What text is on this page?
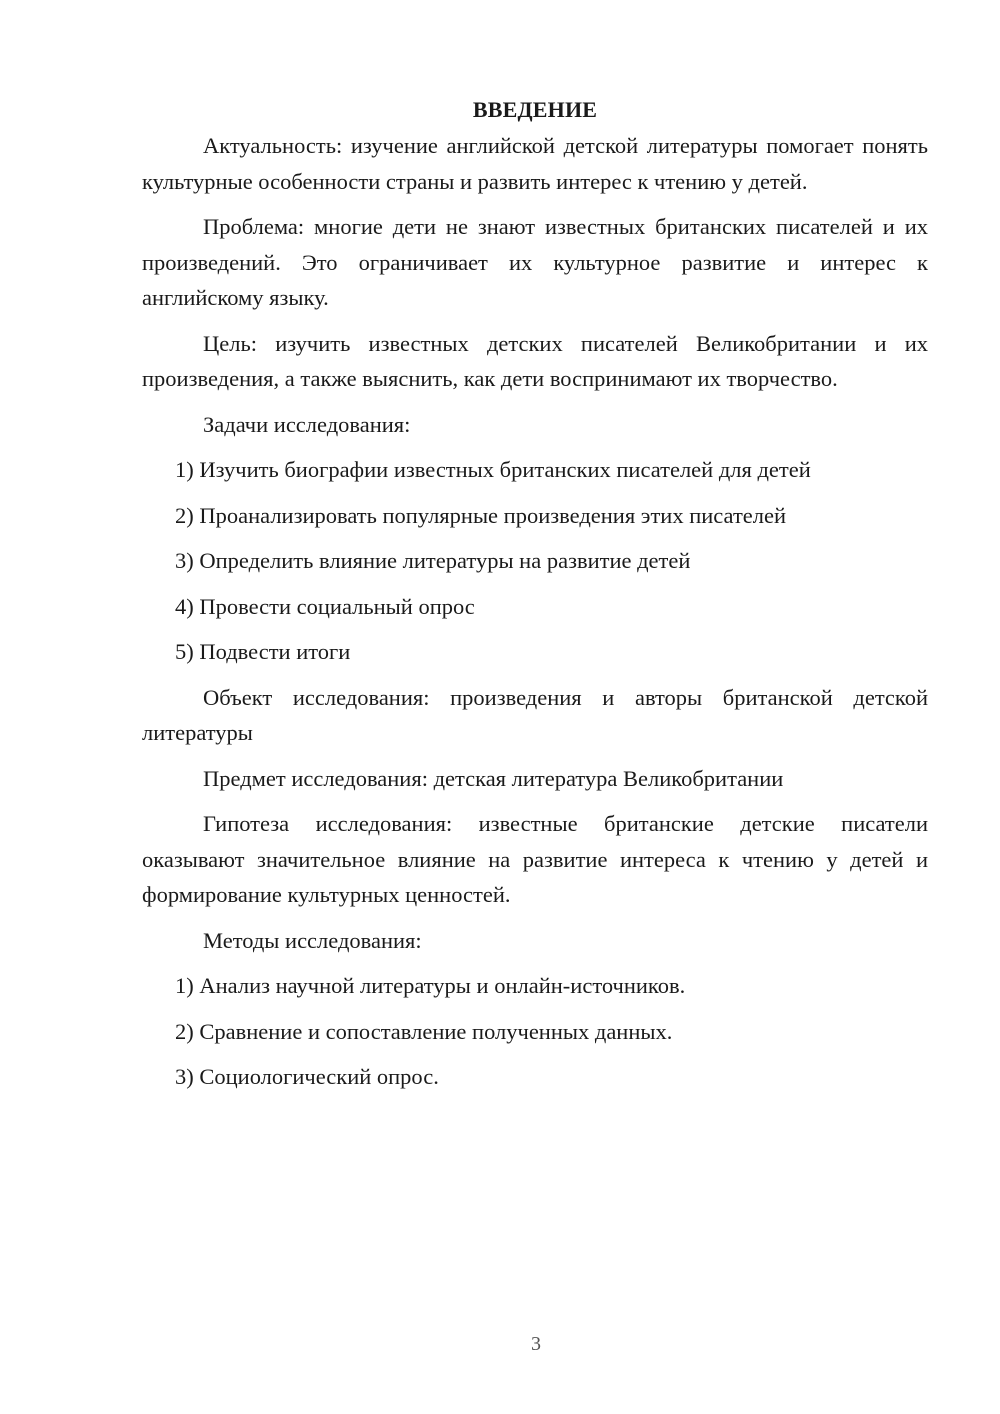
ВВЕДЕНИЕ

Актуальность: изучение английской детской литературы помогает понять культурные особенности страны и развить интерес к чтению у детей.

Проблема: многие дети не знают известных британских писателей и их произведений. Это ограничивает их культурное развитие и интерес к английскому языку.

Цель: изучить известных детских писателей Великобритании и их произведения, а также выяснить, как дети воспринимают их творчество.

Задачи исследования:
1) Изучить биографии известных британских писателей для детей
2) Проанализировать популярные произведения этих писателей
3) Определить влияние литературы на развитие детей
4) Провести социальный опрос
5) Подвести итоги

Объект исследования: произведения и авторы британской детской литературы

Предмет исследования: детская литература Великобритании

Гипотеза исследования: известные британские детские писатели оказывают значительное влияние на развитие интереса к чтению у детей и формирование культурных ценностей.

Методы исследования:
1) Анализ научной литературы и онлайн-источников.
2) Сравнение и сопоставление полученных данных.
3) Социологический опрос.
3
